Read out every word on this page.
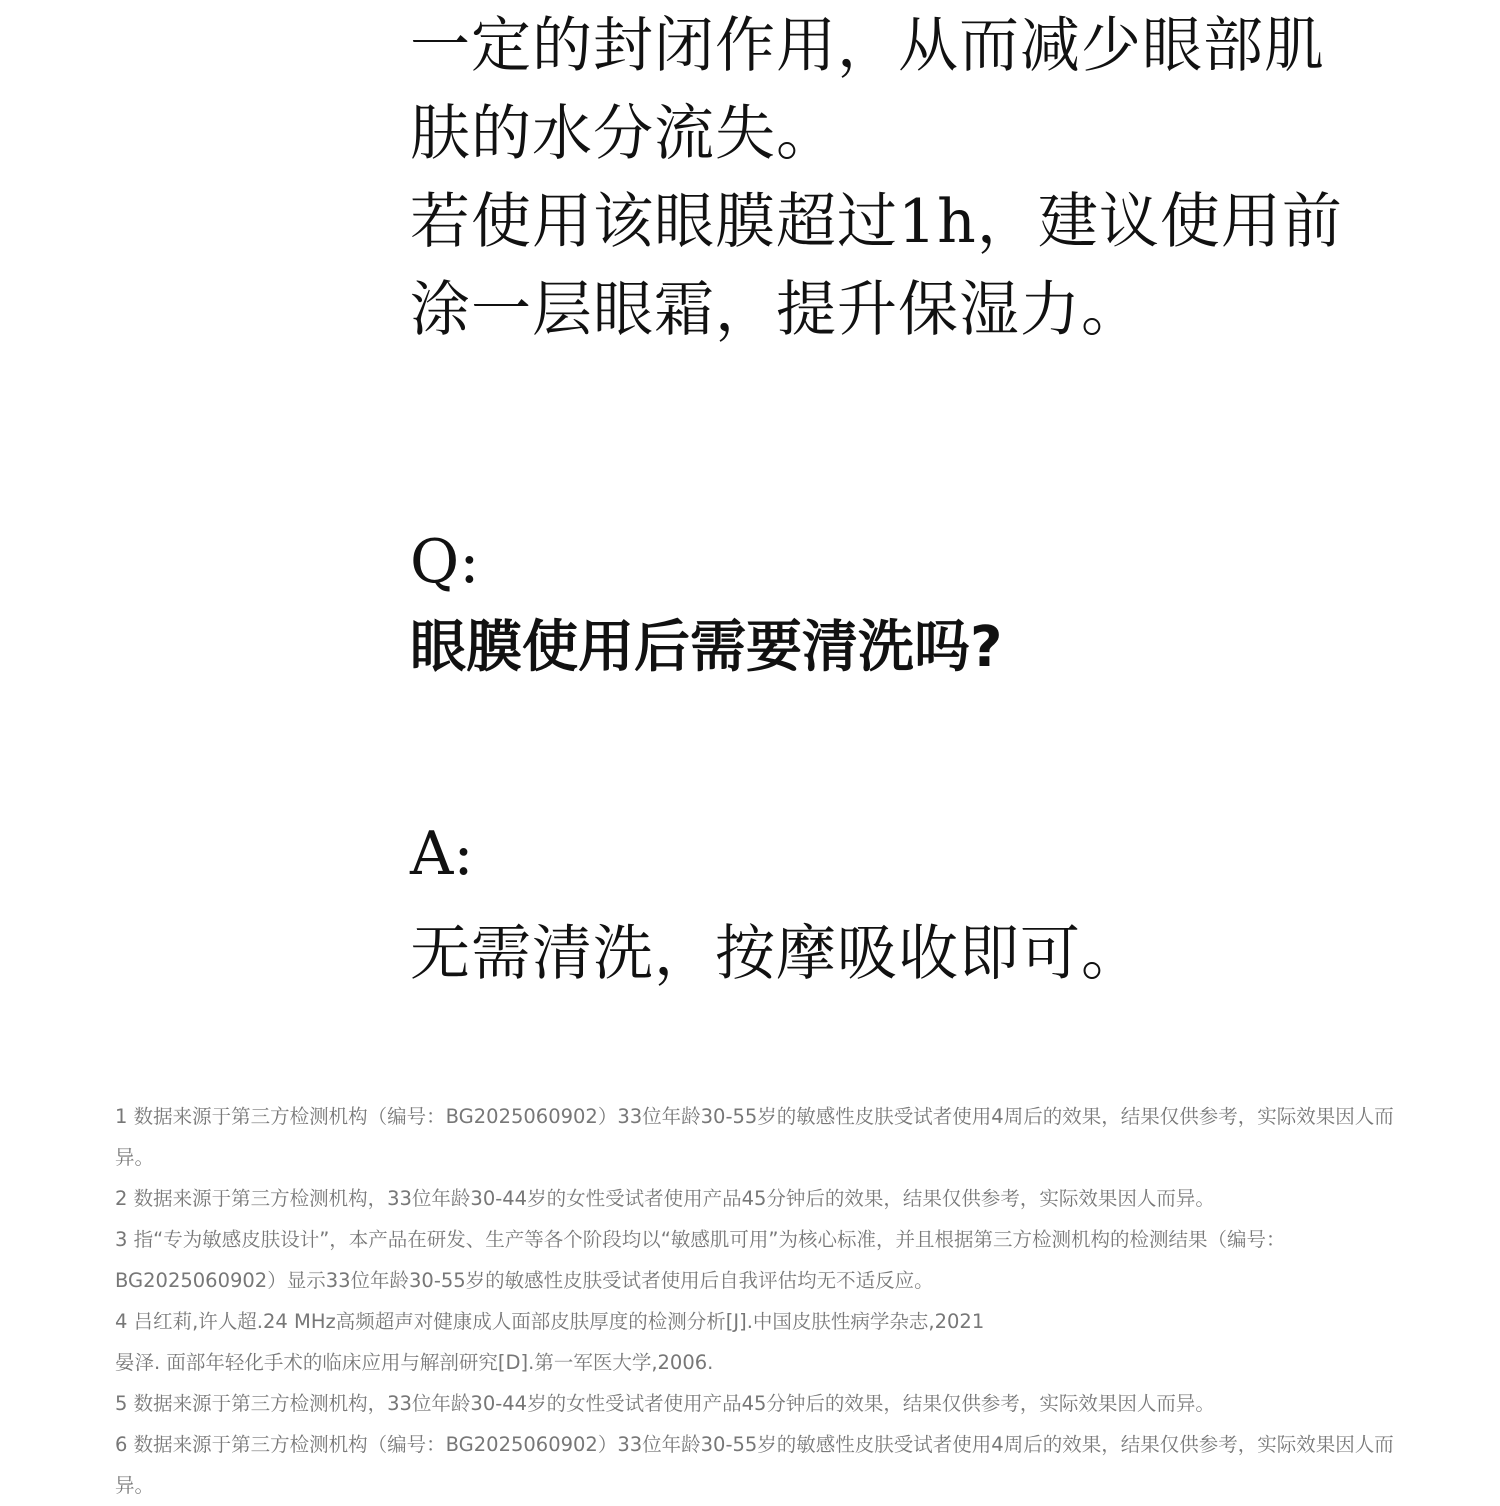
一定的封闭作用，从而减少眼部肌
肤的水分流失。
若使用该眼膜超过1h，建议使用前
涂一层眼霜，提升保湿力。
Q:
眼膜使用后需要清洗吗?
A:
无需清洗，按摩吸收即可。

1 数据来源于第三方检测机构（编号：BG2025060902）33位年龄30-55岁的敏感性皮肤受试者使用4周后的效果，结果仅供参考，实际效果因人而异。

2 数据来源于第三方检测机构，33位年龄30-44岁的女性受试者使用产品45分钟后的效果，结果仅供参考，实际效果因人而异。

3 指“专为敏感皮肤设计”，本产品在研发、生产等各个阶段均以“敏感肌可用”为核心标准，并且根据第三方检测机构的检测结果（编号：BG2025060902）显示33位年龄30-55岁的敏感性皮肤受试者使用后自我评估均无不适反应。

4 吕红莉,许人超.24 MHz高频超声对健康成人面部皮肤厚度的检测分析[J].中国皮肤性病学杂志,2021

晏泽. 面部年轻化手术的临床应用与解剖研究[D].第一军医大学,2006.

5 数据来源于第三方检测机构，33位年龄30-44岁的女性受试者使用产品45分钟后的效果，结果仅供参考，实际效果因人而异。

6 数据来源于第三方检测机构（编号：BG2025060902）33位年龄30-55岁的敏感性皮肤受试者使用4周后的效果，结果仅供参考，实际效果因人而异。
